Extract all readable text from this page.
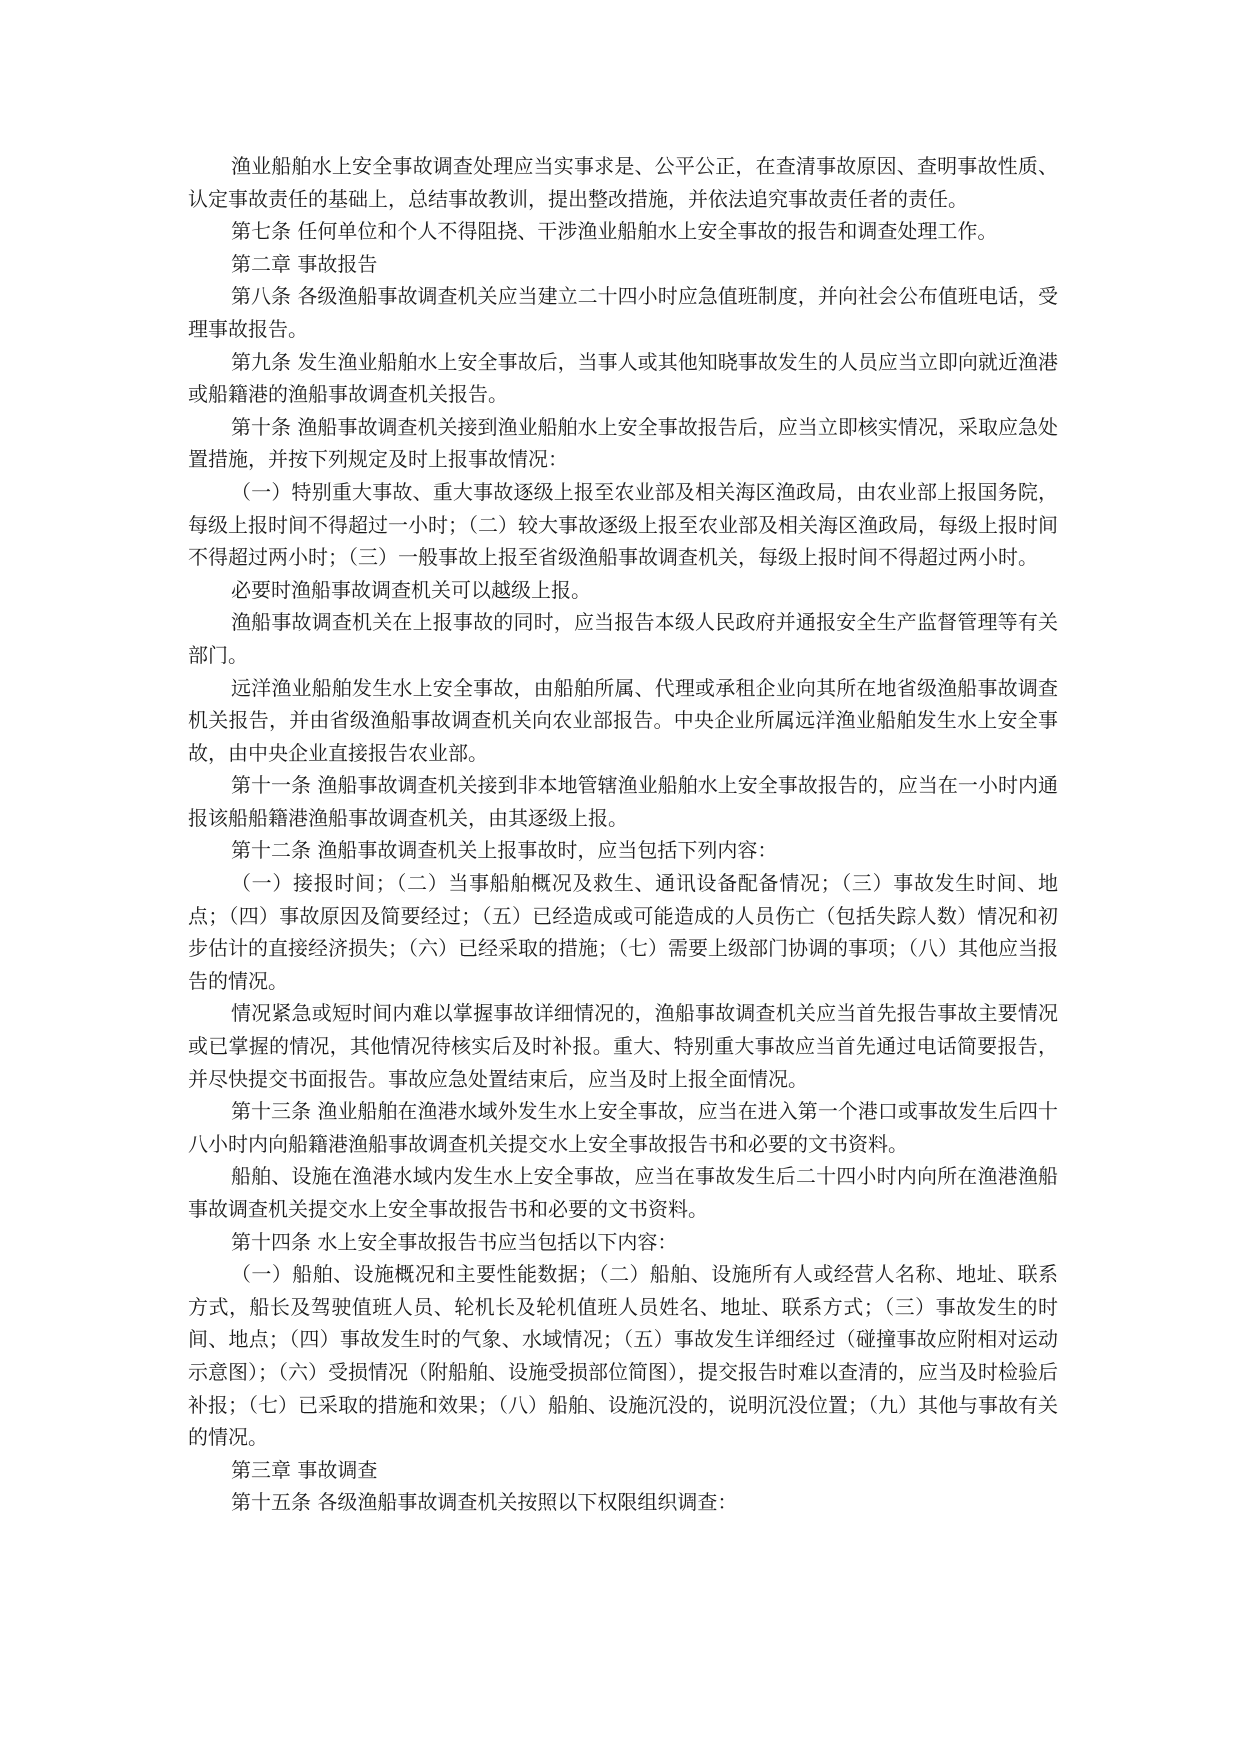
渔业船舶水上安全事故调查处理应当实事求是、公平公正，在查清事故原因、查明事故性质、认定事故责任的基础上，总结事故教训，提出整改措施，并依法追究事故责任者的责任。

第七条 任何单位和个人不得阻挠、干涉渔业船舶水上安全事故的报告和调查处理工作。

第二章 事故报告

第八条 各级渔船事故调查机关应当建立二十四小时应急值班制度，并向社会公布值班电话，受理事故报告。

第九条 发生渔业船舶水上安全事故后，当事人或其他知晓事故发生的人员应当立即向就近渔港或船籍港的渔船事故调查机关报告。

第十条 渔船事故调查机关接到渔业船舶水上安全事故报告后，应当立即核实情况，采取应急处置措施，并按下列规定及时上报事故情况：

（一）特别重大事故、重大事故逐级上报至农业部及相关海区渔政局，由农业部上报国务院，每级上报时间不得超过一小时；（二）较大事故逐级上报至农业部及相关海区渔政局，每级上报时间不得超过两小时；（三）一般事故上报至省级渔船事故调查机关，每级上报时间不得超过两小时。

必要时渔船事故调查机关可以越级上报。

渔船事故调查机关在上报事故的同时，应当报告本级人民政府并通报安全生产监督管理等有关部门。

远洋渔业船舶发生水上安全事故，由船舶所属、代理或承租企业向其所在地省级渔船事故调查机关报告，并由省级渔船事故调查机关向农业部报告。中央企业所属远洋渔业船舶发生水上安全事故，由中央企业直接报告农业部。

第十一条 渔船事故调查机关接到非本地管辖渔业船舶水上安全事故报告的，应当在一小时内通报该船船籍港渔船事故调查机关，由其逐级上报。

第十二条 渔船事故调查机关上报事故时，应当包括下列内容：

（一）接报时间；（二）当事船舶概况及救生、通讯设备配备情况；（三）事故发生时间、地点；（四）事故原因及简要经过；（五）已经造成或可能造成的人员伤亡（包括失踪人数）情况和初步估计的直接经济损失；（六）已经采取的措施；（七）需要上级部门协调的事项；（八）其他应当报告的情况。

情况紧急或短时间内难以掌握事故详细情况的，渔船事故调查机关应当首先报告事故主要情况或已掌握的情况，其他情况待核实后及时补报。重大、特别重大事故应当首先通过电话简要报告，并尽快提交书面报告。事故应急处置结束后，应当及时上报全面情况。

第十三条 渔业船舶在渔港水域外发生水上安全事故，应当在进入第一个港口或事故发生后四十八小时内向船籍港渔船事故调查机关提交水上安全事故报告书和必要的文书资料。

船舶、设施在渔港水域内发生水上安全事故，应当在事故发生后二十四小时内向所在渔港渔船事故调查机关提交水上安全事故报告书和必要的文书资料。

第十四条 水上安全事故报告书应当包括以下内容：

（一）船舶、设施概况和主要性能数据；（二）船舶、设施所有人或经营人名称、地址、联系方式，船长及驾驶值班人员、轮机长及轮机值班人员姓名、地址、联系方式；（三）事故发生的时间、地点；（四）事故发生时的气象、水域情况；（五）事故发生详细经过（碰撞事故应附相对运动示意图）；（六）受损情况（附船舶、设施受损部位简图），提交报告时难以查清的，应当及时检验后补报；（七）已采取的措施和效果；（八）船舶、设施沉没的，说明沉没位置；（九）其他与事故有关的情况。

第三章 事故调查

第十五条 各级渔船事故调查机关按照以下权限组织调查：
